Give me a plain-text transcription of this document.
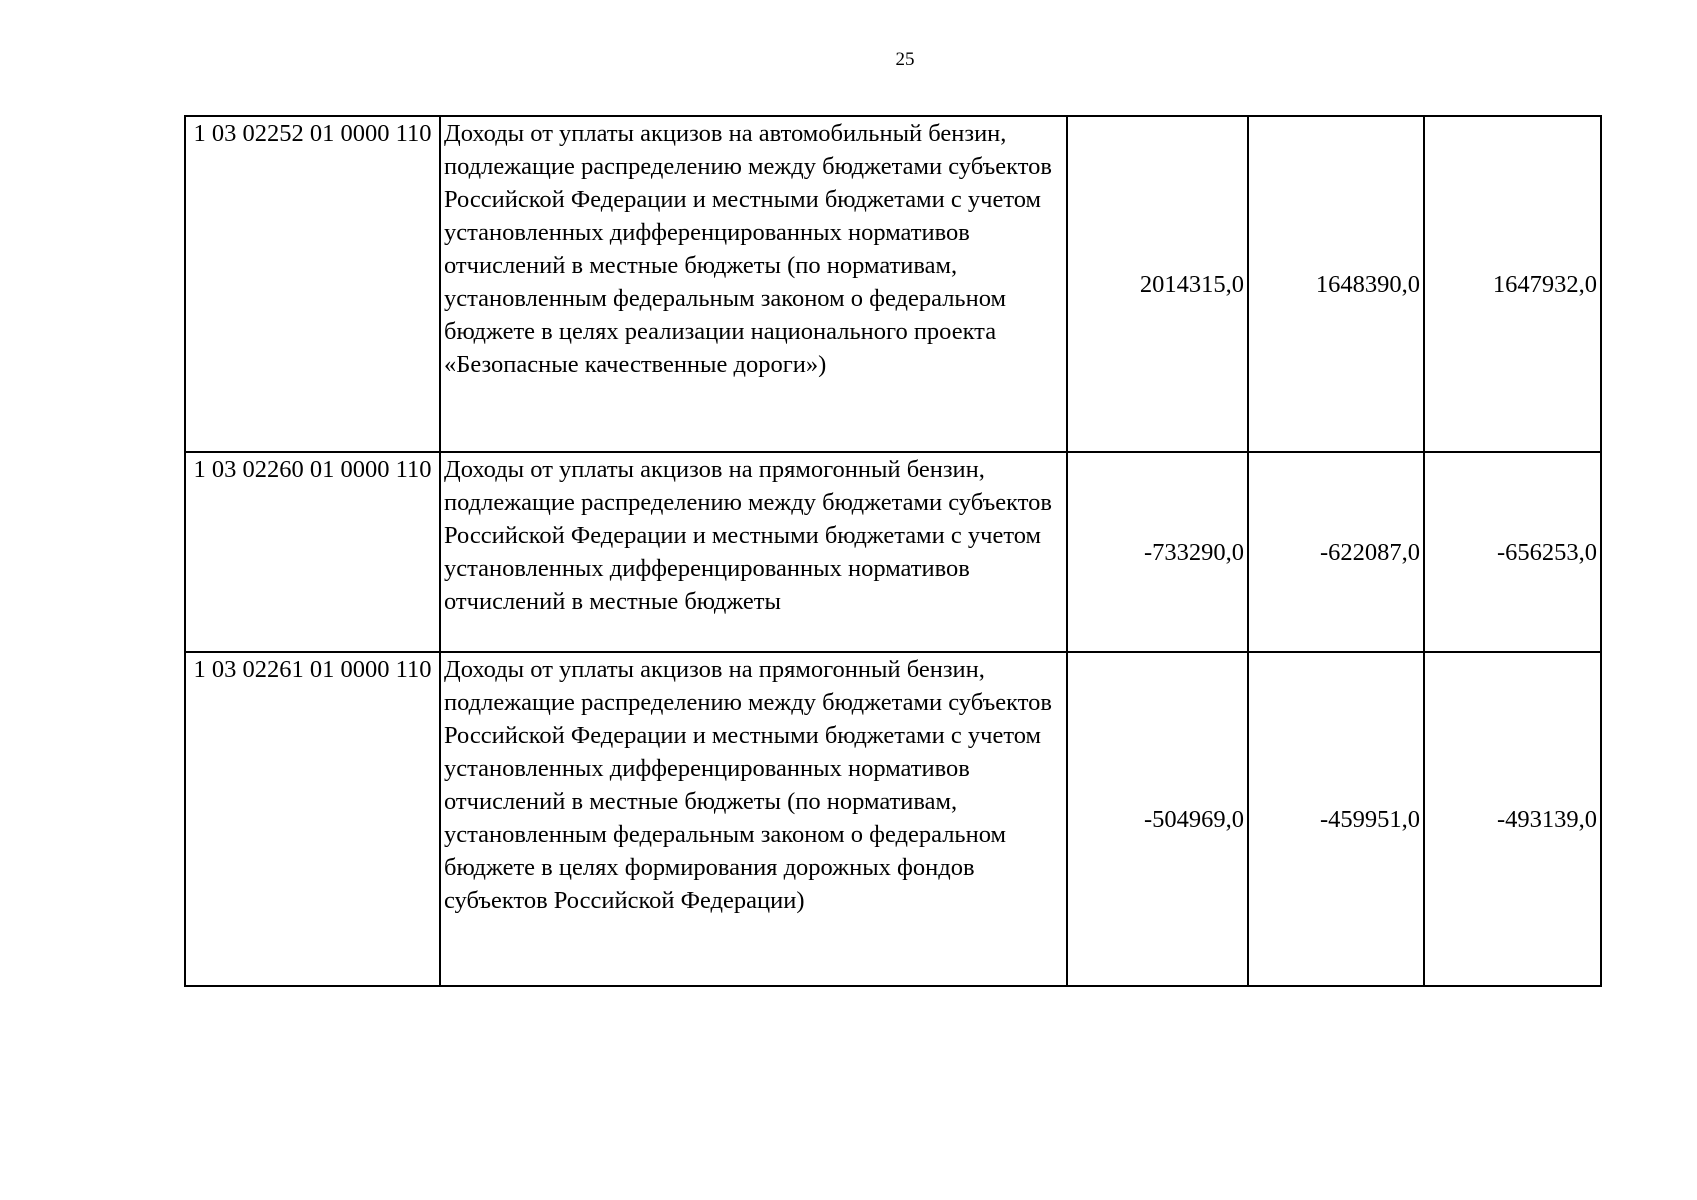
25
1 03 02252 01 0000 110	Доходы от уплаты акцизов на автомобильный бензин, подлежащие распределению между бюджетами субъектов Российской Федерации и местными бюджетами с учетом установленных дифференцированных нормативов отчислений в местные бюджеты (по нормативам, установленным федеральным законом о федеральном бюджете в целях реализации национального проекта «Безопасные качественные дороги»)	2014315,0	1648390,0	1647932,0
1 03 02260 01 0000 110	Доходы от уплаты акцизов на прямогонный бензин, подлежащие распределению между бюджетами субъектов Российской Федерации и местными бюджетами с учетом установленных дифференцированных нормативов отчислений в местные бюджеты	-733290,0	-622087,0	-656253,0
1 03 02261 01 0000 110	Доходы от уплаты акцизов на прямогонный бензин, подлежащие распределению между бюджетами субъектов Российской Федерации и местными бюджетами с учетом установленных дифференцированных нормативов отчислений в местные бюджеты (по нормативам, установленным федеральным законом о федеральном бюджете в целях формирования дорожных фондов субъектов Российской Федерации)	-504969,0	-459951,0	-493139,0
